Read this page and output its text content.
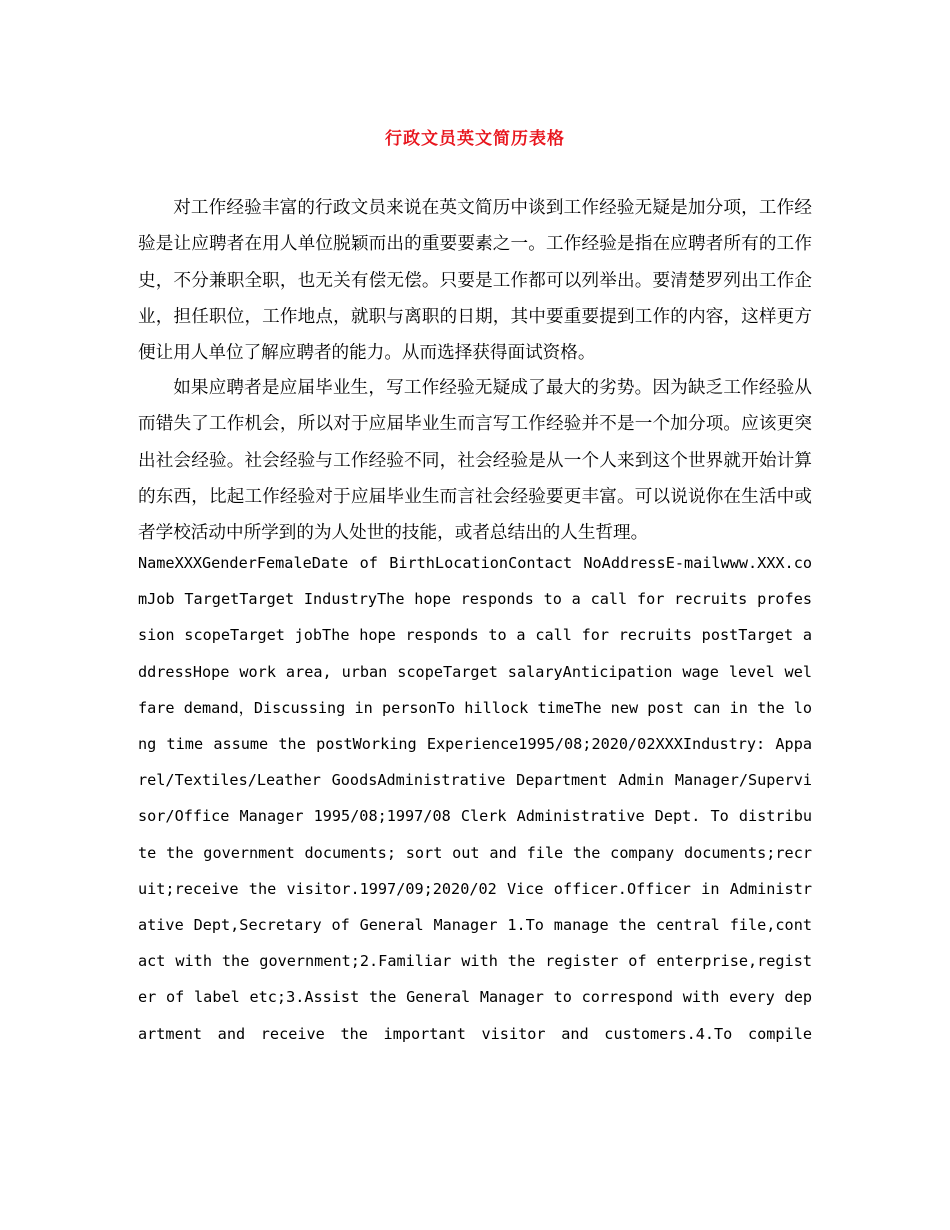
行政文员英文简历表格

对工作经验丰富的行政文员来说在英文简历中谈到工作经验无疑是加分项，工作经验是让应聘者在用人单位脱颖而出的重要要素之一。工作经验是指在应聘者所有的工作史，不分兼职全职，也无关有偿无偿。只要是工作都可以列举出。要清楚罗列出工作企业，担任职位，工作地点，就职与离职的日期，其中要重要提到工作的内容，这样更方便让用人单位了解应聘者的能力。从而选择获得面试资格。

如果应聘者是应届毕业生，写工作经验无疑成了最大的劣势。因为缺乏工作经验从而错失了工作机会，所以对于应届毕业生而言写工作经验并不是一个加分项。应该更突出社会经验。社会经验与工作经验不同，社会经验是从一个人来到这个世界就开始计算的东西，比起工作经验对于应届毕业生而言社会经验要更丰富。可以说说你在生活中或者学校活动中所学到的为人处世的技能，或者总结出的人生哲理。

NameXXXGenderFemaleDate of BirthLocationContact NoAddressE-mailwww.XXX.comJob TargetTarget IndustryThe hope responds to a call for recruits profession scopeTarget jobThe hope responds to a call for recruits postTarget addressHope work area, urban scopeTarget salaryAnticipation wage level welfare demand，Discussing in personTo hillock timeThe new post can in the long time assume the postWorking Experience1995/08;2020/02XXXIndustry: Apparel/Textiles/Leather GoodsAdministrative Department Admin Manager/Supervisor/Office Manager 1995/08;1997/08 Clerk Administrative Dept. To distribute the government documents; sort out and file the company documents;recruit;receive the visitor.1997/09;2020/02 Vice officer.Officer in Administrative Dept,Secretary of General Manager 1.To manage the central file,contact with the government;2.Familiar with the register of enterprise,register of label etc;3.Assist the General Manager to correspond with every department and receive the important visitor and customers.4.To compile
